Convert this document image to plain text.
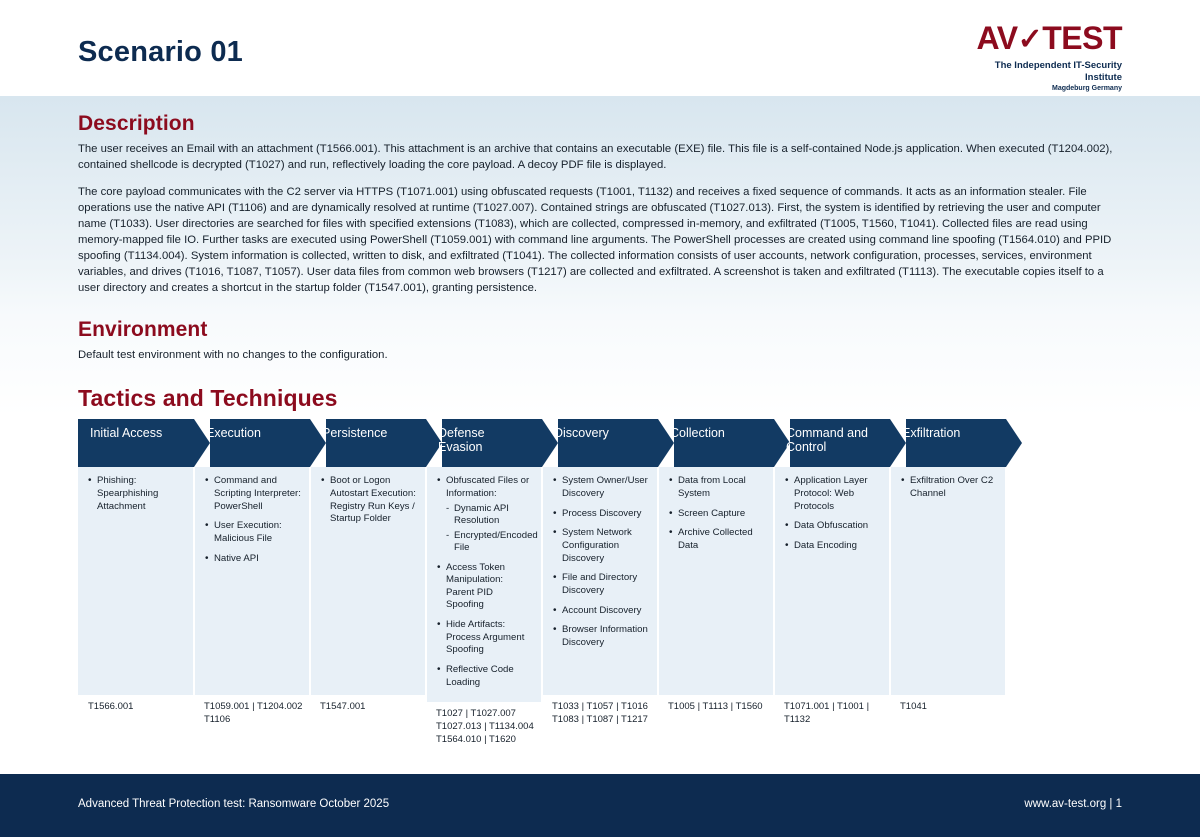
Scenario 01	AV✓TEST
The Independent IT-Security Institute
Magdeburg Germany
Description

The user receives an Email with an attachment (T1566.001). This attachment is an archive that contains an executable (EXE) file. This file is a self-contained Node.js application. When executed (T1204.002), contained shellcode is decrypted (T1027) and run, reflectively loading the core payload. A decoy PDF file is displayed.

The core payload communicates with the C2 server via HTTPS (T1071.001) using obfuscated requests (T1001, T1132) and receives a fixed sequence of commands. It acts as an information stealer. File operations use the native API (T1106) and are dynamically resolved at runtime (T1027.007). Contained strings are obfuscated (T1027.013). First, the system is identified by retrieving the user and computer name (T1033). User directories are searched for files with specified extensions (T1083), which are collected, compressed in-memory, and exfiltrated (T1005, T1560, T1041). Collected files are read using memory-mapped file IO. Further tasks are executed using PowerShell (T1059.001) with command line arguments. The PowerShell processes are created using command line spoofing (T1564.010) and PPID spoofing (T1134.004). System information is collected, written to disk, and exfiltrated (T1041). The collected information consists of user accounts, network configuration, processes, services, environment variables, and drives (T1016, T1087, T1057). User data files from common web browsers (T1217) are collected and exfiltrated. A screenshot is taken and exfiltrated (T1113). The executable copies itself to a user directory and creates a shortcut in the startup folder (T1547.001), granting persistence.

Environment

Default test environment with no changes to the configuration.

Tactics and Techniques
Initial Access
• Phishing: Spearphishing Attachment
T1566.001
Execution
• Command and Scripting Interpreter: PowerShell
• User Execution: Malicious File
• Native API
T1059.001 | T1204.002 T1106
Persistence
• Boot or Logon Autostart Execution: Registry Run Keys / Startup Folder
T1547.001
Defense Evasion
• Obfuscated Files or Information:
- Dynamic API Resolution
- Encrypted/Encoded File
• Access Token Manipulation: Parent PID Spoofing
• Hide Artifacts: Process Argument Spoofing
• Reflective Code Loading
T1027 | T1027.007 T1027.013 | T1134.004
T1564.010 | T1620
Discovery
• System Owner/User Discovery
• Process Discovery
• System Network Configuration Discovery
• File and Directory Discovery
• Account Discovery
• Browser Information Discovery
T1033 | T1057 | T1016
T1083 | T1087 | T1217
Collection
• Data from Local System
• Screen Capture
• Archive Collected Data
T1005 | T1113 | T1560
Command and Control
• Application Layer Protocol: Web Protocols
• Data Obfuscation
• Data Encoding
T1071.001 | T1001 | T1132
Exfiltration
• Exfiltration Over C2 Channel
T1041
Advanced Threat Protection test: Ransomware October 2025	www.av-test.org | 1
